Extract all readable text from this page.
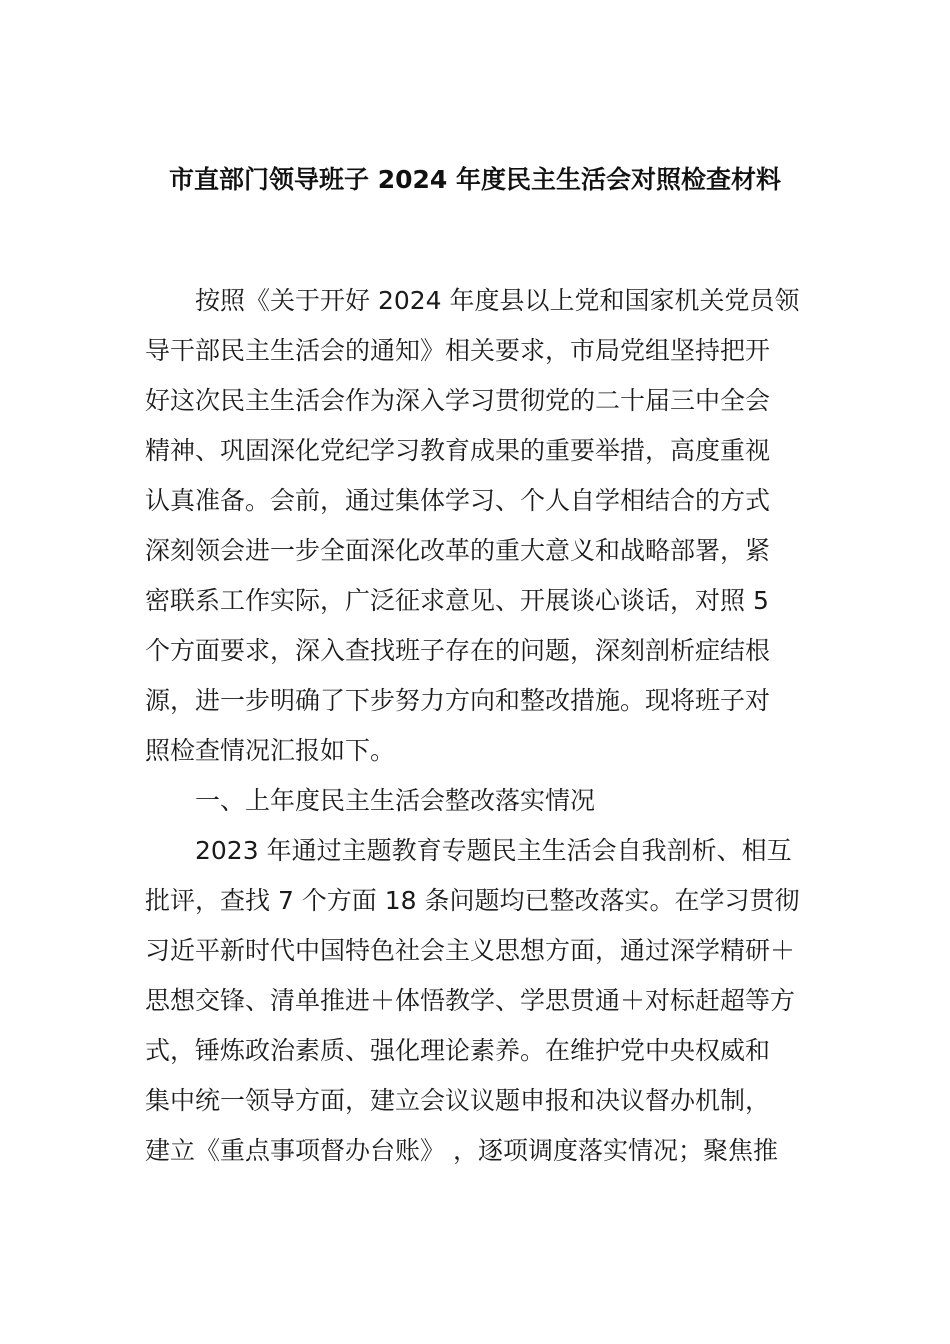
市直部门领导班子 2024 年度民主生活会对照检查材料
按照《关于开好 2024 年度县以上党和国家机关党员领
导干部民主生活会的通知》相关要求，市局党组坚持把开
好这次民主生活会作为深入学习贯彻党的二十届三中全会
精神、巩固深化党纪学习教育成果的重要举措，高度重视
认真准备。会前，通过集体学习、个人自学相结合的方式
深刻领会进一步全面深化改革的重大意义和战略部署，紧
密联系工作实际，广泛征求意见、开展谈心谈话，对照 5
个方面要求，深入查找班子存在的问题，深刻剖析症结根
源，进一步明确了下步努力方向和整改措施。现将班子对
照检查情况汇报如下。
一、上年度民主生活会整改落实情况
2023 年通过主题教育专题民主生活会自我剖析、相互
批评，查找 7 个方面 18 条问题均已整改落实。在学习贯彻
习近平新时代中国特色社会主义思想方面，通过深学精研＋
思想交锋、清单推进＋体悟教学、学思贯通＋对标赶超等方
式，锤炼政治素质、强化理论素养。在维护党中央权威和
集中统一领导方面，建立会议议题申报和决议督办机制，
建立《重点事项督办台账》 ，逐项调度落实情况；聚焦推
